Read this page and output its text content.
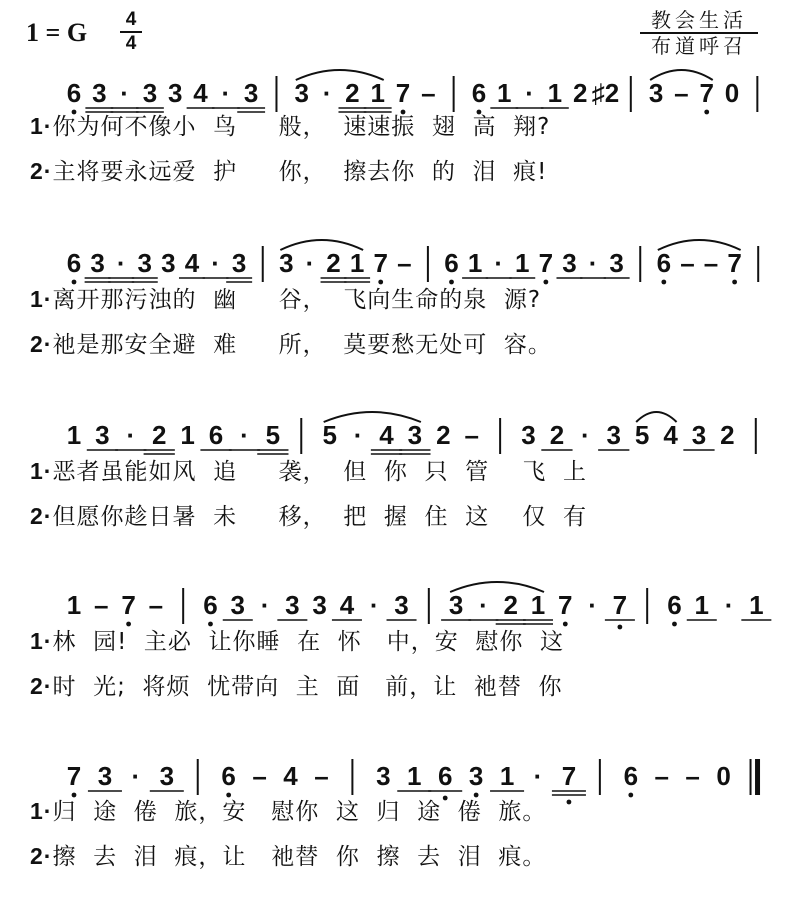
1 = G	4
4
教会生活
布道呼召
6 3 · 3 3 4 · 3 3 · 2 1 7 – 6 1 · 1 2 ♯2 3 – 7 0
6 3 · 3 3 4 · 3 3 · 2 1 7 – 6 1 · 1 7 3 · 3 6 – – 7
1 3 · 2 1 6 · 5 5 · 4 3 2 – 3 2 · 3 5 4 3 2
1 – 7 – 6 3 · 3 3 4 · 3 3 · 2 1 7 · 7 6 1 · 1
7 3 · 3 6 – 4 – 3 1 6 3 1 · 7 6 – – 0
1·你为何不像小  鸟     般，  速速振  翅  高  翔?
2·主将要永远爱  护     你，  擦去你  的  泪  痕!
1·离开那污浊的  幽     谷，  飞向生命的泉  源?
2·祂是那安全避  难     所，  莫要愁无处可  容。
1·恶者虽能如风  追     袭，  但  你  只  管    飞  上
2·但愿你趁日暑  未     移，  把  握  住  这    仅  有
1·林  园!  主必  让你睡  在  怀   中，安  慰你  这
2·时  光;  将烦  忧带向  主  面   前，让  祂替  你
1·归  途  倦  旅，安   慰你  这  归  途  倦  旅。
2·擦  去  泪  痕，让   祂替  你  擦  去  泪  痕。
